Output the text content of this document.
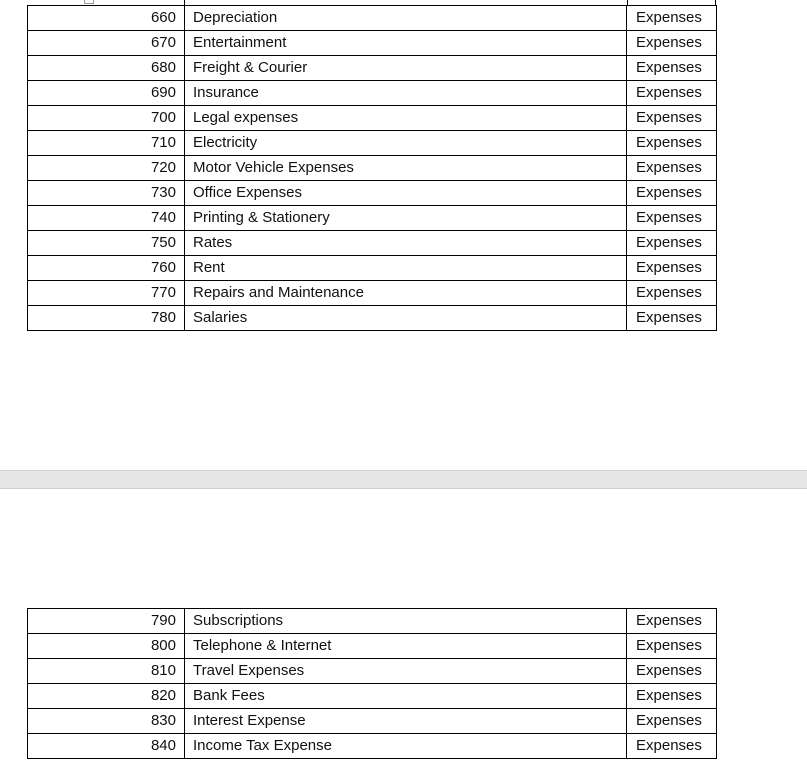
660	Depreciation	Expenses
670	Entertainment	Expenses
680	Freight & Courier	Expenses
690	Insurance	Expenses
700	Legal expenses	Expenses
710	Electricity	Expenses
720	Motor Vehicle Expenses	Expenses
730	Office Expenses	Expenses
740	Printing & Stationery	Expenses
750	Rates	Expenses
760	Rent	Expenses
770	Repairs and Maintenance	Expenses
780	Salaries	Expenses
790	Subscriptions	Expenses
800	Telephone & Internet	Expenses
810	Travel Expenses	Expenses
820	Bank Fees	Expenses
830	Interest Expense	Expenses
840	Income Tax Expense	Expenses
